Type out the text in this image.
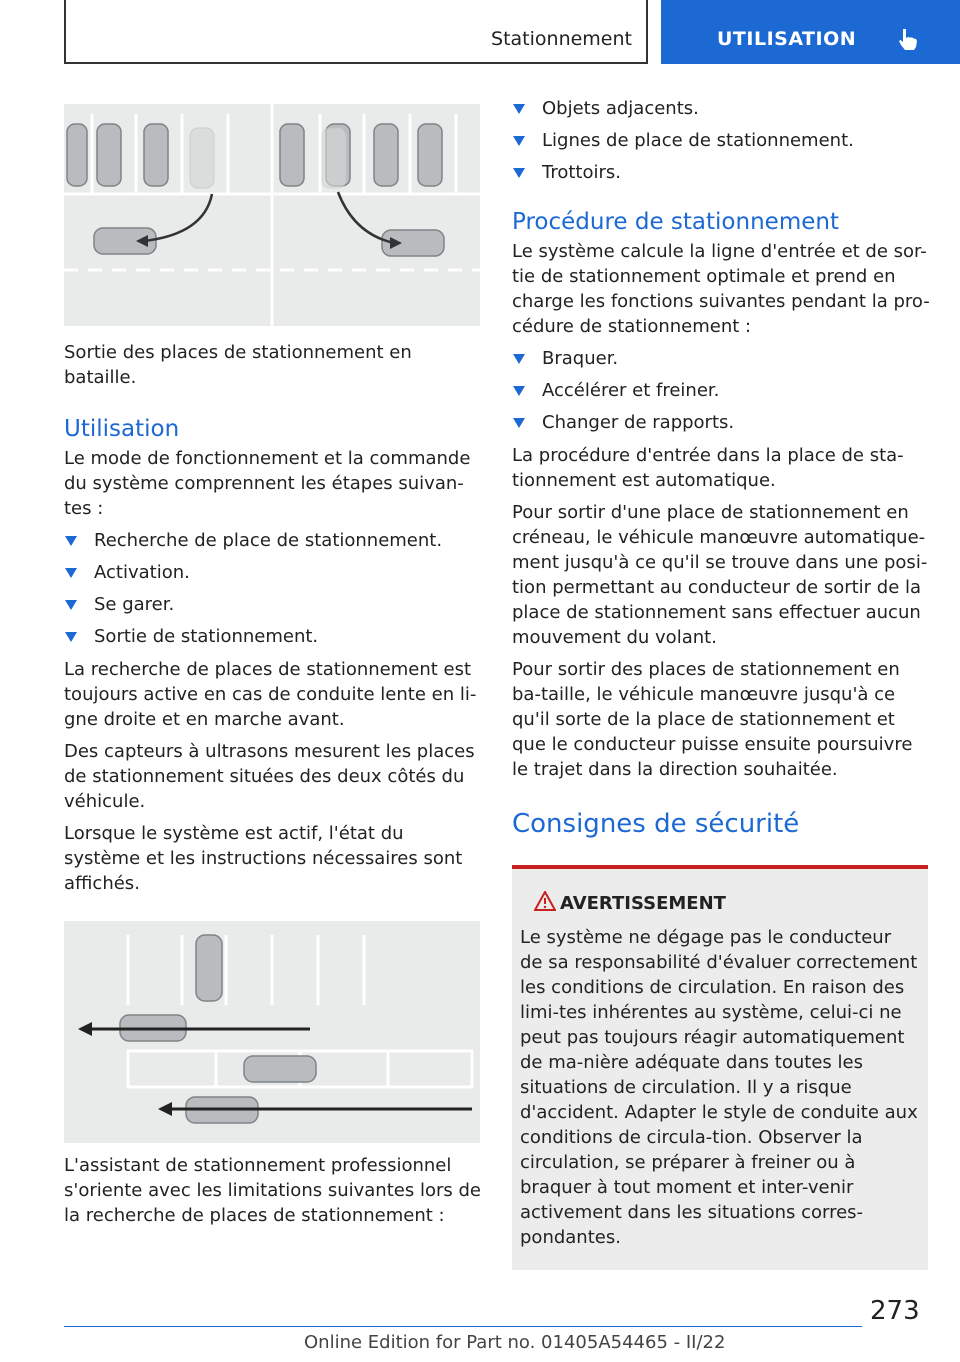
Stationnement	UTILISATION

Sortie des places de stationnement en bataille.

Utilisation

Le mode de fonctionnement et la commande du système comprennent les étapes suivan-tes :

Recherche de place de stationnement.
Activation.
Se garer.
Sortie de stationnement.

La recherche de places de stationnement est toujours active en cas de conduite lente en li-gne droite et en marche avant.

Des capteurs à ultrasons mesurent les places de stationnement situées des deux côtés du véhicule.

Lorsque le système est actif, l'état du système et les instructions nécessaires sont affichés.

L'assistant de stationnement professionnel s'oriente avec les limitations suivantes lors de la recherche de places de stationnement :

Objets adjacents.
Lignes de place de stationnement.
Trottoirs.
Procédure de stationnement

Le système calcule la ligne d'entrée et de sor-tie de stationnement optimale et prend en charge les fonctions suivantes pendant la pro-cédure de stationnement :

Braquer.
Accélérer et freiner.
Changer de rapports.

La procédure d'entrée dans la place de sta-tionnement est automatique.

Pour sortir d'une place de stationnement en créneau, le véhicule manœuvre automatique-ment jusqu'à ce qu'il se trouve dans une posi-tion permettant au conducteur de sortir de la place de stationnement sans effectuer aucun mouvement du volant.

Pour sortir des places de stationnement en ba-taille, le véhicule manœuvre jusqu'à ce qu'il sorte de la place de stationnement et que le conducteur puisse ensuite poursuivre le trajet dans la direction souhaitée.

Consignes de sécurité
AVERTISSEMENT

Le système ne dégage pas le conducteur de sa responsabilité d'évaluer correctement les conditions de circulation. En raison des limi-tes inhérentes au système, celui-ci ne peut pas toujours réagir automatiquement de ma-nière adéquate dans toutes les situations de circulation. Il y a risque d'accident. Adapter le style de conduite aux conditions de circula-tion. Observer la circulation, se préparer à freiner ou à braquer à tout moment et inter-venir activement dans les situations corres-pondantes.

273
Online Edition for Part no. 01405A54465 - II/22
